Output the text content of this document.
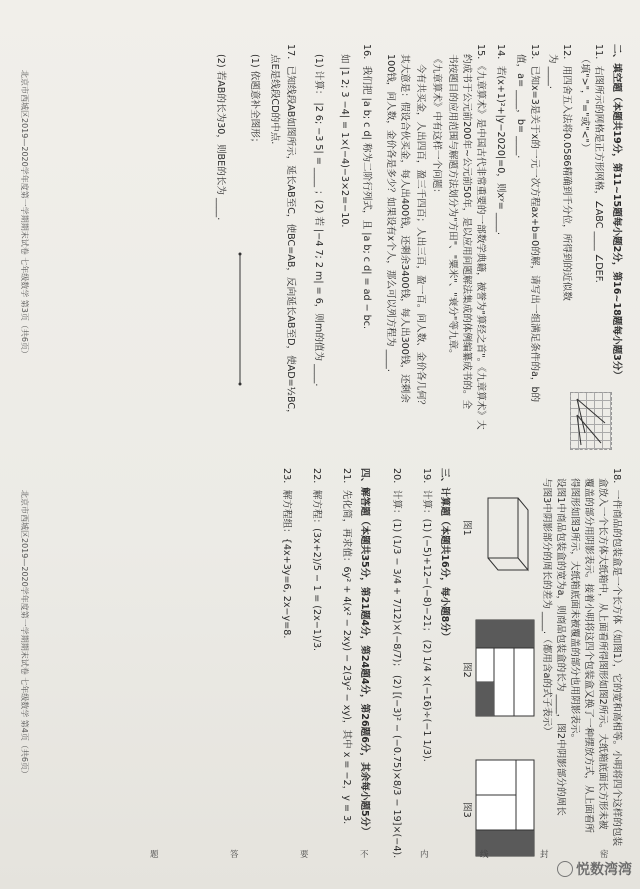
二、填空题（本题共19分，第11~15题每小题2分，第16~18题每小题3分）
11．右图所示的网格是正方形网格，∠ABC ____ ∠DEF.
（填">"，"="或"<"）
12．用四舍五入法将0.0586精确到千分位，所得到的近似数
为 ____.
13．已知x=3是关于x的一元一次方程ax+b=0的解，请写出一组满足条件的a，b的
值，a= ____，b= ____.
14．若(x+1)²+|y−2020|=0，则xʸ= ____.
15．《九章算术》是中国古代非常重要的一部数学典籍，被誉为"算经之首"。《九章算术》大
约成书于公元前200年~公元前50年，是以应用问题解法集成的体例编纂成书的。全
书按题目的应用范围与解题方法划分为"方田"、"粟米"、"衰分"等九章。
《九章算术》中有这样一个问题：
今有共买金，人出四百，盈三千四百；人出三百，盈一百。问人数、金价各几何？
其大意是：假设合伙买金，每人出400钱，还剩余3400钱，每人出300钱，还剩余
100钱，问人数，金价各是多少？如果设有x个人，那么可以列方程为 ____.
16．我们把 |a b; c d| 称为二阶行列式，且 |a b; c d| = ad − bc.
如 |1 2; 3 −4| = 1×(−4)−3×2=−10.
(1) 计算： |2 6; −3 5| = ____ ；(2) 若 |−4 7; 2 m| = 6，则m的值为 ____.
17．已知线段AB如图所示，延长AB至C，使BC=AB，反向延长AB至D，使AD=½BC，
点E是线段CD的中点.
(1) 依题意补全图形；
(2) 若AB的长为30，则BE的长为 ____.
北京市西城区2019—2020学年度第一学期期末试卷 七年级数学 第3页（共6页）
18．一件商品的包装盒是一个长方体（如图1），它的宽和高相等。小明将四个这样的包装
盒放入一个长方体大纸箱中，从上面看所得图形如图2所示。大纸箱底面长方形未被
覆盖的部分用阴影表示。接着小明将这四个包装盒又换了一种摆放方式，从上面看所
得图形如图3所示，大纸箱底面未被覆盖的部分也用阴影表示。
设图1中商品包装盒的宽为a，则商品包装盒的长为 ____，图2中阴影部分的周长
与图3中阴影部分的周长的差为 ____.（都用含a的式子表示）
图1
图2
图3
三、计算题（本题共16分，每小题8分）
19．计算：(1) (−5)+12−(−8)−21； (2) 1/4 ×(−16)÷(−1 1/3).
20．计算：(1) (1/3 − 3/4 + 7/12)×(−8/7)； (2) [(−3)² − (−0.75)×8/3 − 19]×(−4).
四、解答题（本题共35分，第21题4分，第24题4分，第26题6分，其余每小题5分）
21．先化简，再求值：6y² + 4(x² − 2xy) − 2(3y² − xy)，其中 x = −2，y = 3.
22．解方程：(3x+2)/5 − 1 = (2x−1)/3.
23．解方程组：{4x+3y=6, 2x−y=8.
北京市西城区2019—2020学年度第一学期期末试卷 七年级数学 第4页（共6页）
题	答	要	不	内	线	封	密
悦数湾湾
